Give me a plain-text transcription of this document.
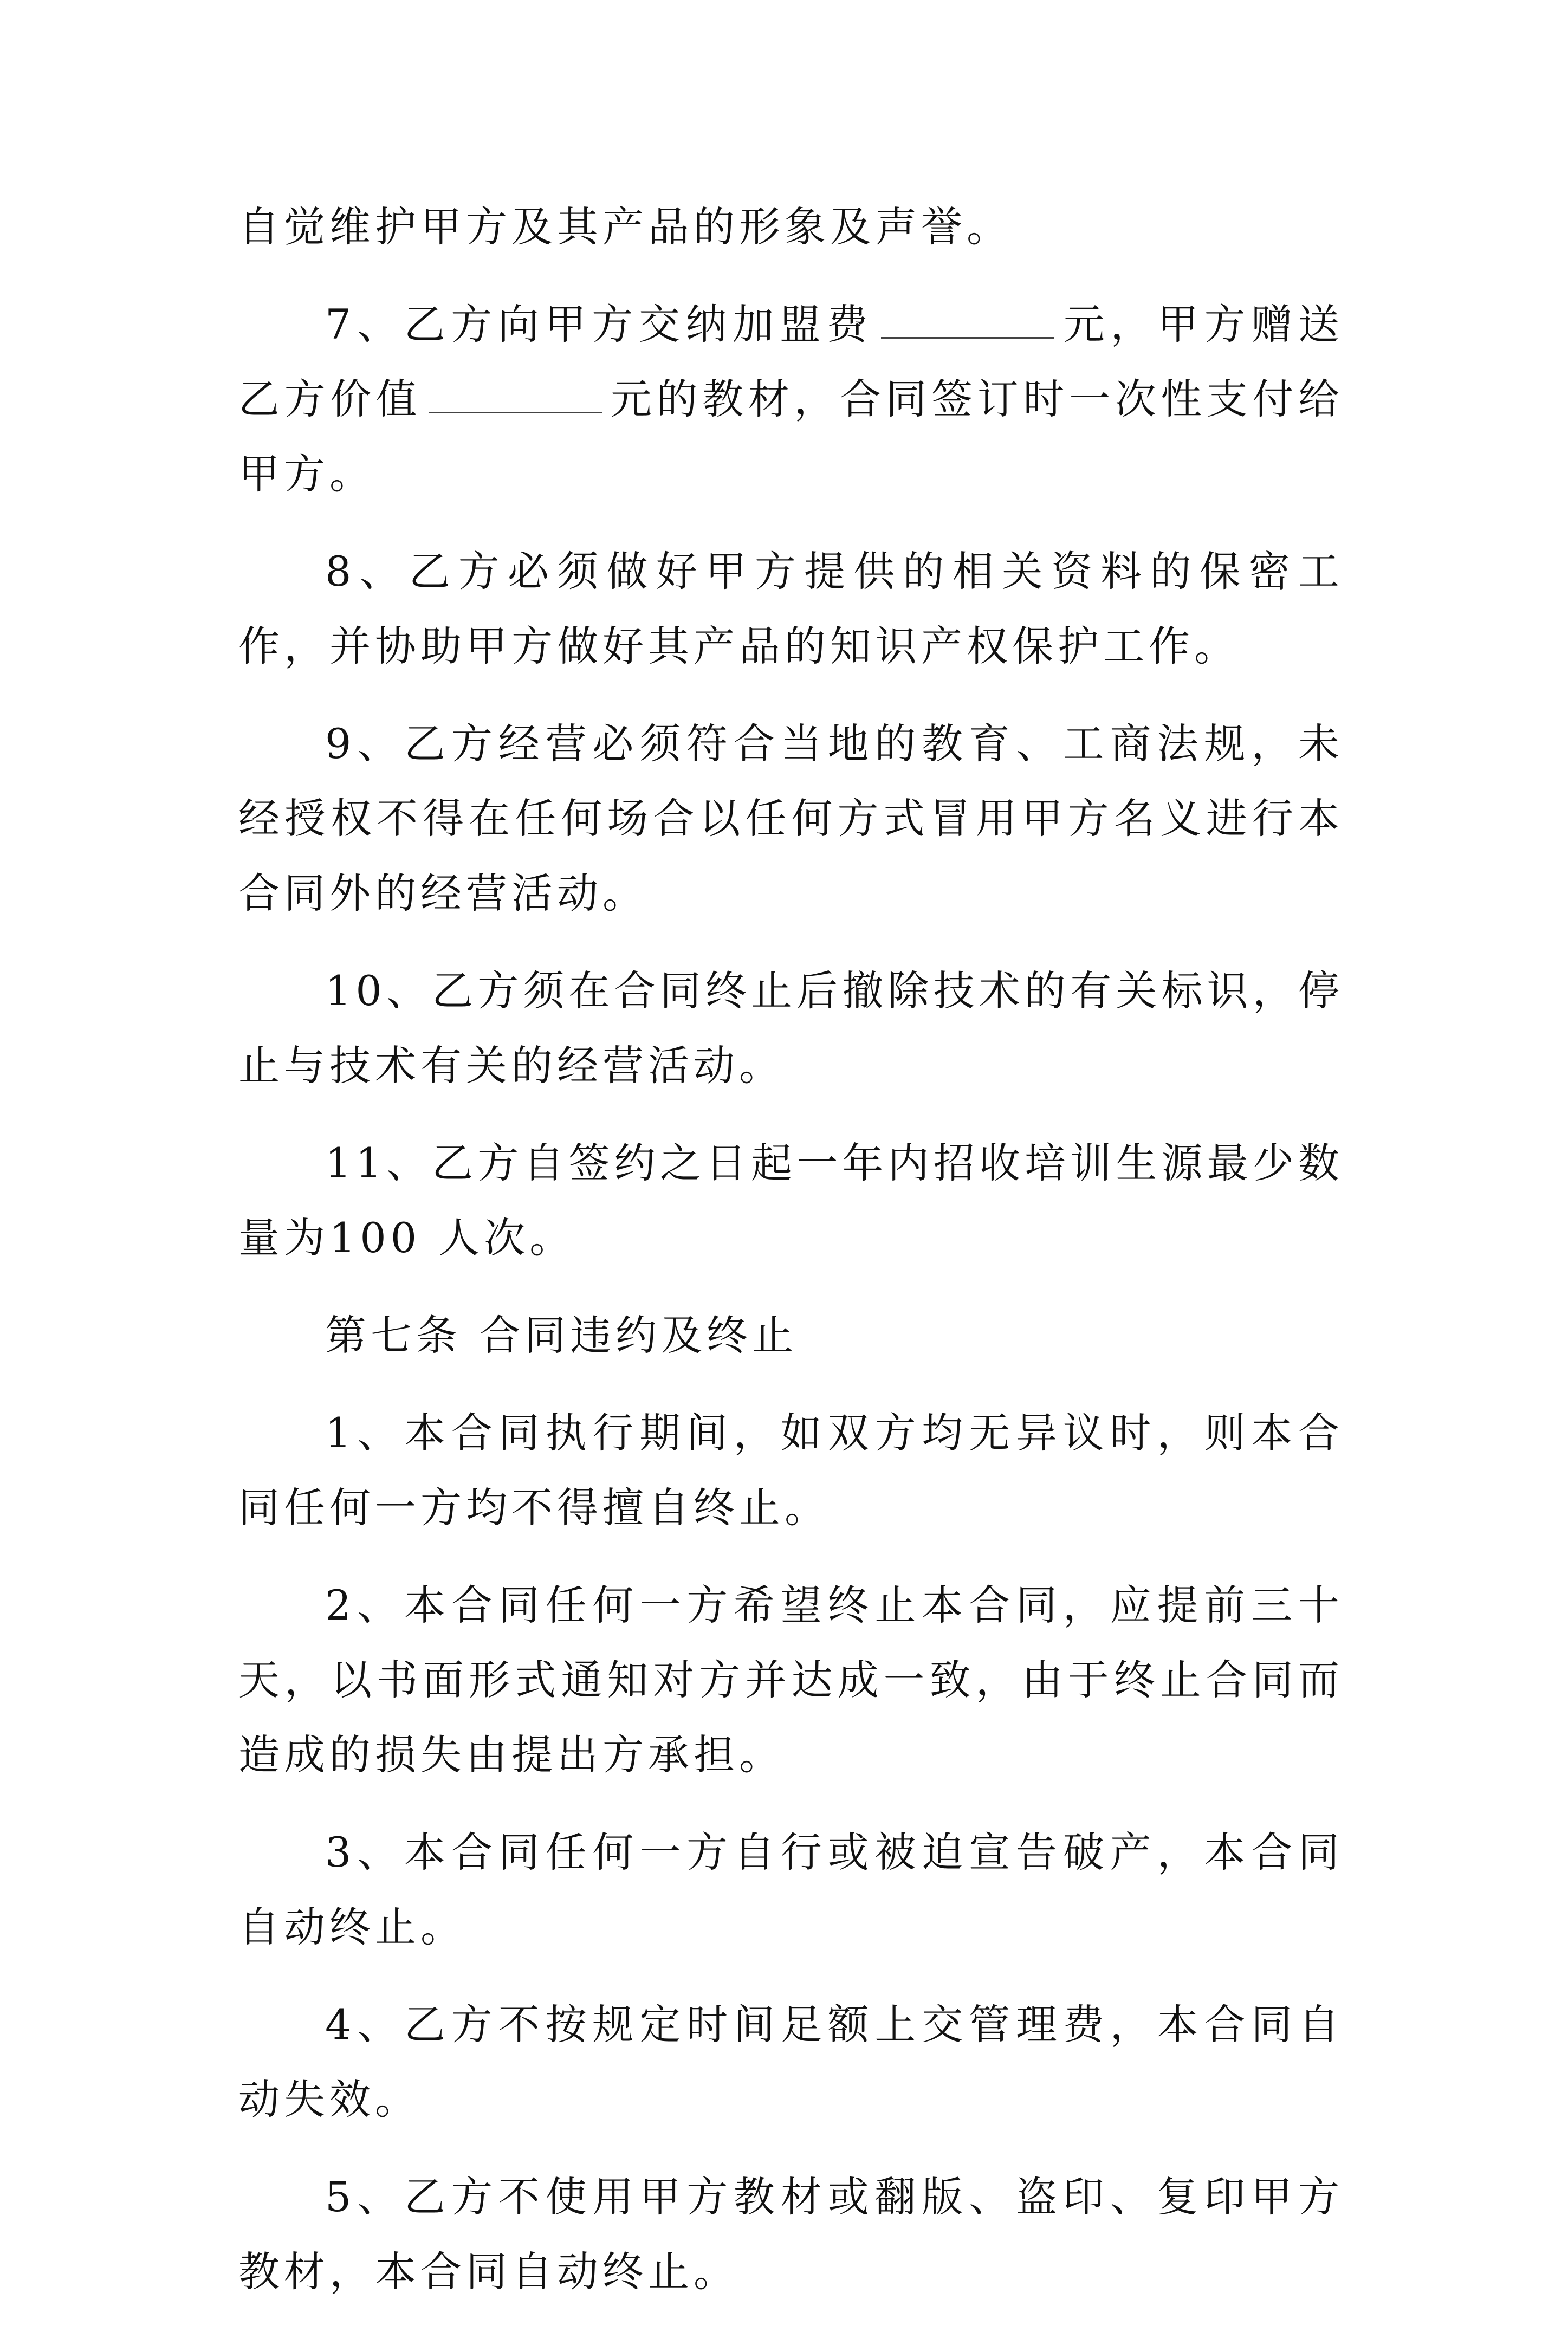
自觉维护甲方及其产品的形象及声誉。

7、乙方向甲方交纳加盟费	元，甲方赠送乙方价值	元的教材，合同签订时一次性支付给甲方。

8、乙方必须做好甲方提供的相关资料的保密工作，并协助甲方做好其产品的知识产权保护工作。

9、乙方经营必须符合当地的教育、工商法规，未经授权不得在任何场合以任何方式冒用甲方名义进行本合同外的经营活动。

10、乙方须在合同终止后撤除技术的有关标识，停止与技术有关的经营活动。

11、乙方自签约之日起一年内招收培训生源最少数量为100 人次。

第七条 合同违约及终止

1、本合同执行期间，如双方均无异议时，则本合同任何一方均不得擅自终止。

2、本合同任何一方希望终止本合同，应提前三十天，以书面形式通知对方并达成一致，由于终止合同而造成的损失由提出方承担。

3、本合同任何一方自行或被迫宣告破产，本合同自动终止。

4、乙方不按规定时间足额上交管理费，本合同自动失效。

5、乙方不使用甲方教材或翻版、盗印、复印甲方教材，本合同自动终止。
